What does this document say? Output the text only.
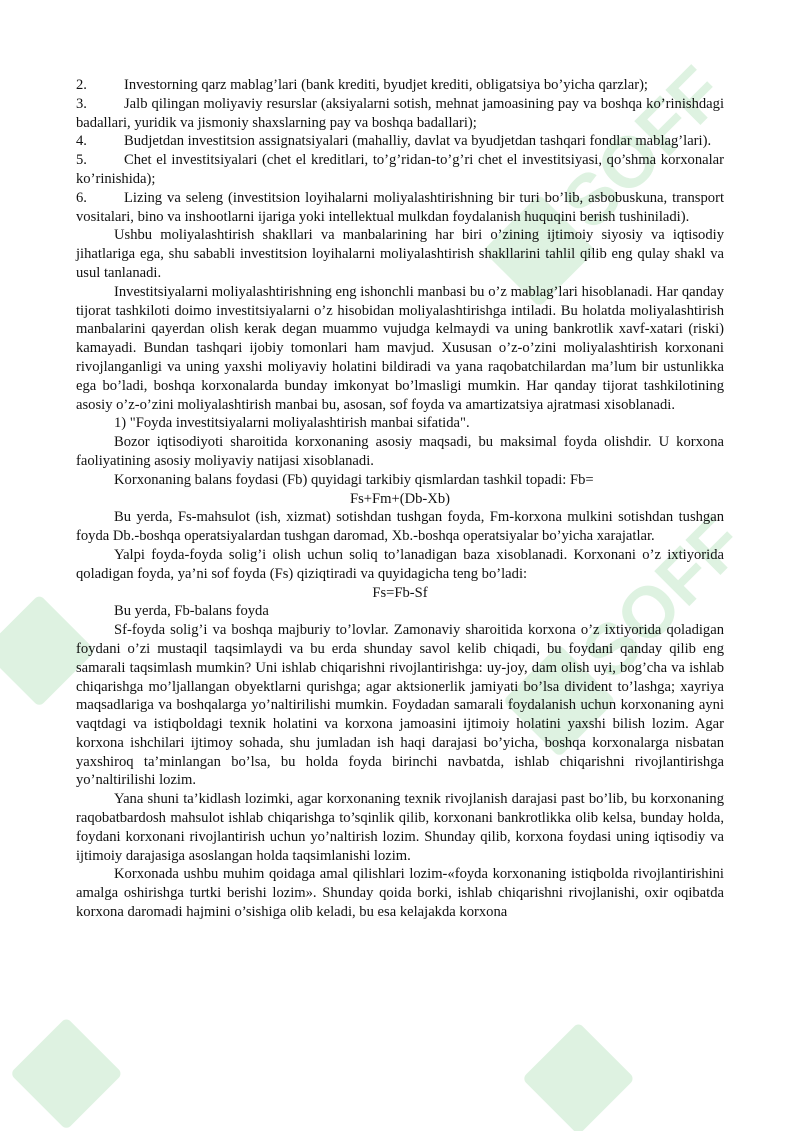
SOFF
SOFF

2.	Investorning qarz mablag’lari (bank krediti, byudjet krediti, obligatsiya bo’yicha qarzlar);

3.	Jalb qilingan moliyaviy resurslar (aksiyalarni sotish, mehnat jamoasining pay va boshqa ko’rinishdagi badallari, yuridik va jismoniy shaxslarning pay va boshqa badallari);

4.	Budjetdan investitsion assignatsiyalari (mahalliy, davlat va byudjetdan tashqari fondlar mablag’lari).

5.	Chet el investitsiyalari (chet el kreditlari, to’g’ridan-to’g’ri chet el investitsiyasi, qo’shma korxonalar ko’rinishida);

6.	Lizing va seleng (investitsion loyihalarni moliyalashtirishning bir turi bo’lib, asbobuskuna, transport vositalari, bino va inshootlarni ijariga yoki intellektual mulkdan foydalanish huquqini berish tushiniladi).

Ushbu moliyalashtirish shakllari va manbalarining har biri o’zining ijtimoiy siyosiy va iqtisodiy jihatlariga ega, shu sababli investitsion loyihalarni moliyalashtirish shakllarini tahlil qilib eng qulay shakl va usul tanlanadi.

Investitsiyalarni moliyalashtirishning eng ishonchli manbasi bu o’z mablag’lari hisoblanadi. Har qanday tijorat tashkiloti doimo investitsiyalarni o’z hisobidan moliyalashtirishga intiladi. Bu holatda moliyalashtirish manbalarini qayerdan olish kerak degan muammo vujudga kelmaydi va uning bankrotlik xavf-xatari (riski) kamayadi. Bundan tashqari ijobiy tomonlari ham mavjud. Xususan o’z-o’zini moliyalashtirish korxonani rivojlanganligi va uning yaxshi moliyaviy holatini bildiradi va yana raqobatchilardan ma’lum bir ustunlikka ega bo’ladi, boshqa korxonalarda bunday imkonyat bo’lmasligi mumkin. Har qanday tijorat tashkilotining asosiy o’z-o’zini moliyalashtirish manbai bu, asosan, sof foyda va amartizatsiya ajratmasi xisoblanadi.

1) "Foyda investitsiyalarni moliyalashtirish manbai sifatida".

Bozor iqtisodiyoti sharoitida korxonaning asosiy maqsadi, bu maksimal foyda olishdir. U korxona faoliyatining asosiy moliyaviy natijasi xisoblanadi.

Korxonaning balans foydasi (Fb) quyidagi tarkibiy qismlardan tashkil topadi: Fb=

Fs+Fm+(Db-Xb)

Bu yerda, Fs-mahsulot (ish, xizmat) sotishdan tushgan foyda, Fm-korxona mulkini sotishdan tushgan foyda Db.-boshqa operatsiyalardan tushgan daromad, Xb.-boshqa operatsiyalar bo’yicha xarajatlar.

Yalpi foyda-foyda solig’i olish uchun soliq to’lanadigan baza xisoblanadi. Korxonani o’z ixtiyorida qoladigan foyda, ya’ni sof foyda (Fs) qiziqtiradi va quyidagicha teng bo’ladi:

Fs=Fb-Sf

Bu yerda, Fb-balans foyda

Sf-foyda solig’i va boshqa majburiy to’lovlar. Zamonaviy sharoitida korxona o’z ixtiyorida qoladigan foydani o’zi mustaqil taqsimlaydi va bu erda shunday savol kelib chiqadi, bu foydani qanday qilib eng samarali taqsimlash mumkin? Uni ishlab chiqarishni rivojlantirishga: uy-joy, dam olish uyi, bog’cha va ishlab chiqarishga mo’ljallangan obyektlarni qurishga; agar aktsionerlik jamiyati bo’lsa divident to’lashga; xayriya maqsadlariga va boshqalarga yo’naltirilishi mumkin. Foydadan samarali foydalanish uchun korxonaning ayni vaqtdagi va istiqboldagi texnik holatini va korxona jamoasini ijtimoiy holatini yaxshi bilish lozim. Agar korxona ishchilari ijtimoy sohada, shu jumladan ish haqi darajasi bo’yicha, boshqa korxonalarga nisbatan yaxshiroq ta’minlangan bo’lsa, bu holda foyda birinchi navbatda, ishlab chiqarishni rivojlantirishga yo’naltirilishi lozim.

Yana shuni ta’kidlash lozimki, agar korxonaning texnik rivojlanish darajasi past bo’lib, bu korxonaning raqobatbardosh mahsulot ishlab chiqarishga to’sqinlik qilib, korxonani bankrotlikka olib kelsa, bunday holda, foydani korxonani rivojlantirish uchun yo’naltirish lozim. Shunday qilib, korxona foydasi uning iqtisodiy va ijtimoiy darajasiga asoslangan holda taqsimlanishi lozim.

Korxonada ushbu muhim qoidaga amal qilishlari lozim-«foyda korxonaning istiqbolda rivojlantirishini amalga oshirishga turtki berishi lozim». Shunday qoida borki, ishlab chiqarishni rivojlanishi, oxir oqibatda korxona daromadi hajmini o’sishiga olib keladi, bu esa kelajakda korxona
